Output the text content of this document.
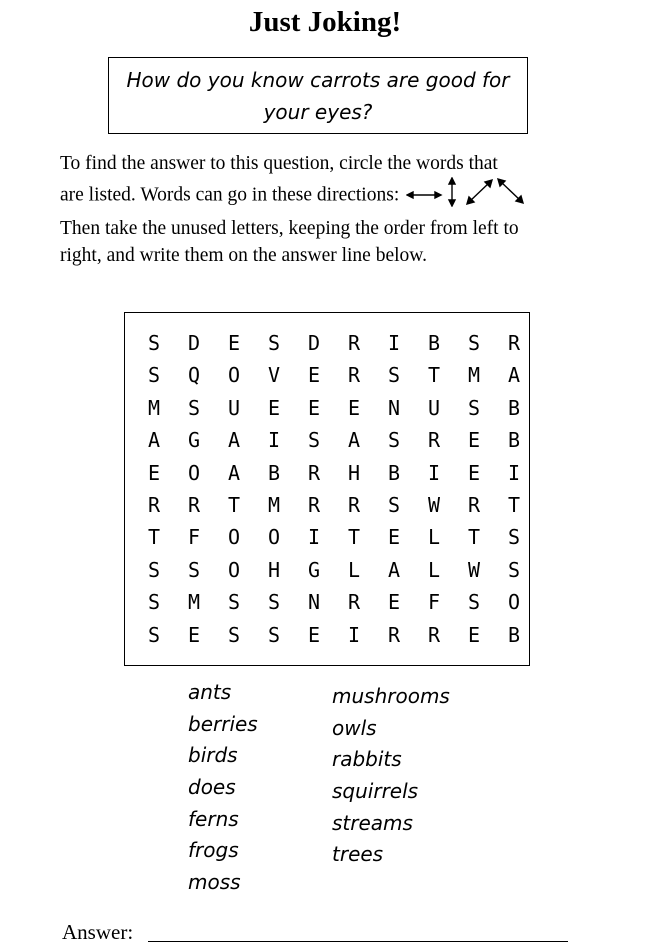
Just Joking!
How do you know carrots are good for
your eyes?
To find the answer to this question, circle the words that
are listed. Words can go in these directions:
Then take the unused letters, keeping the order from left to
right, and write them on the answer line below.
S	D	E	S	D	R	I	B	S	R
S	Q	O	V	E	R	S	T	M	A
M	S	U	E	E	E	N	U	S	B
A	G	A	I	S	A	S	R	E	B
E	O	A	B	R	H	B	I	E	I
R	R	T	M	R	R	S	W	R	T
T	F	O	O	I	T	E	L	T	S
S	S	O	H	G	L	A	L	W	S
S	M	S	S	N	R	E	F	S	O
S	E	S	S	E	I	R	R	E	B
ants
berries
birds
does
ferns
frogs
moss
mushrooms
owls
rabbits
squirrels
streams
trees
Answer:
